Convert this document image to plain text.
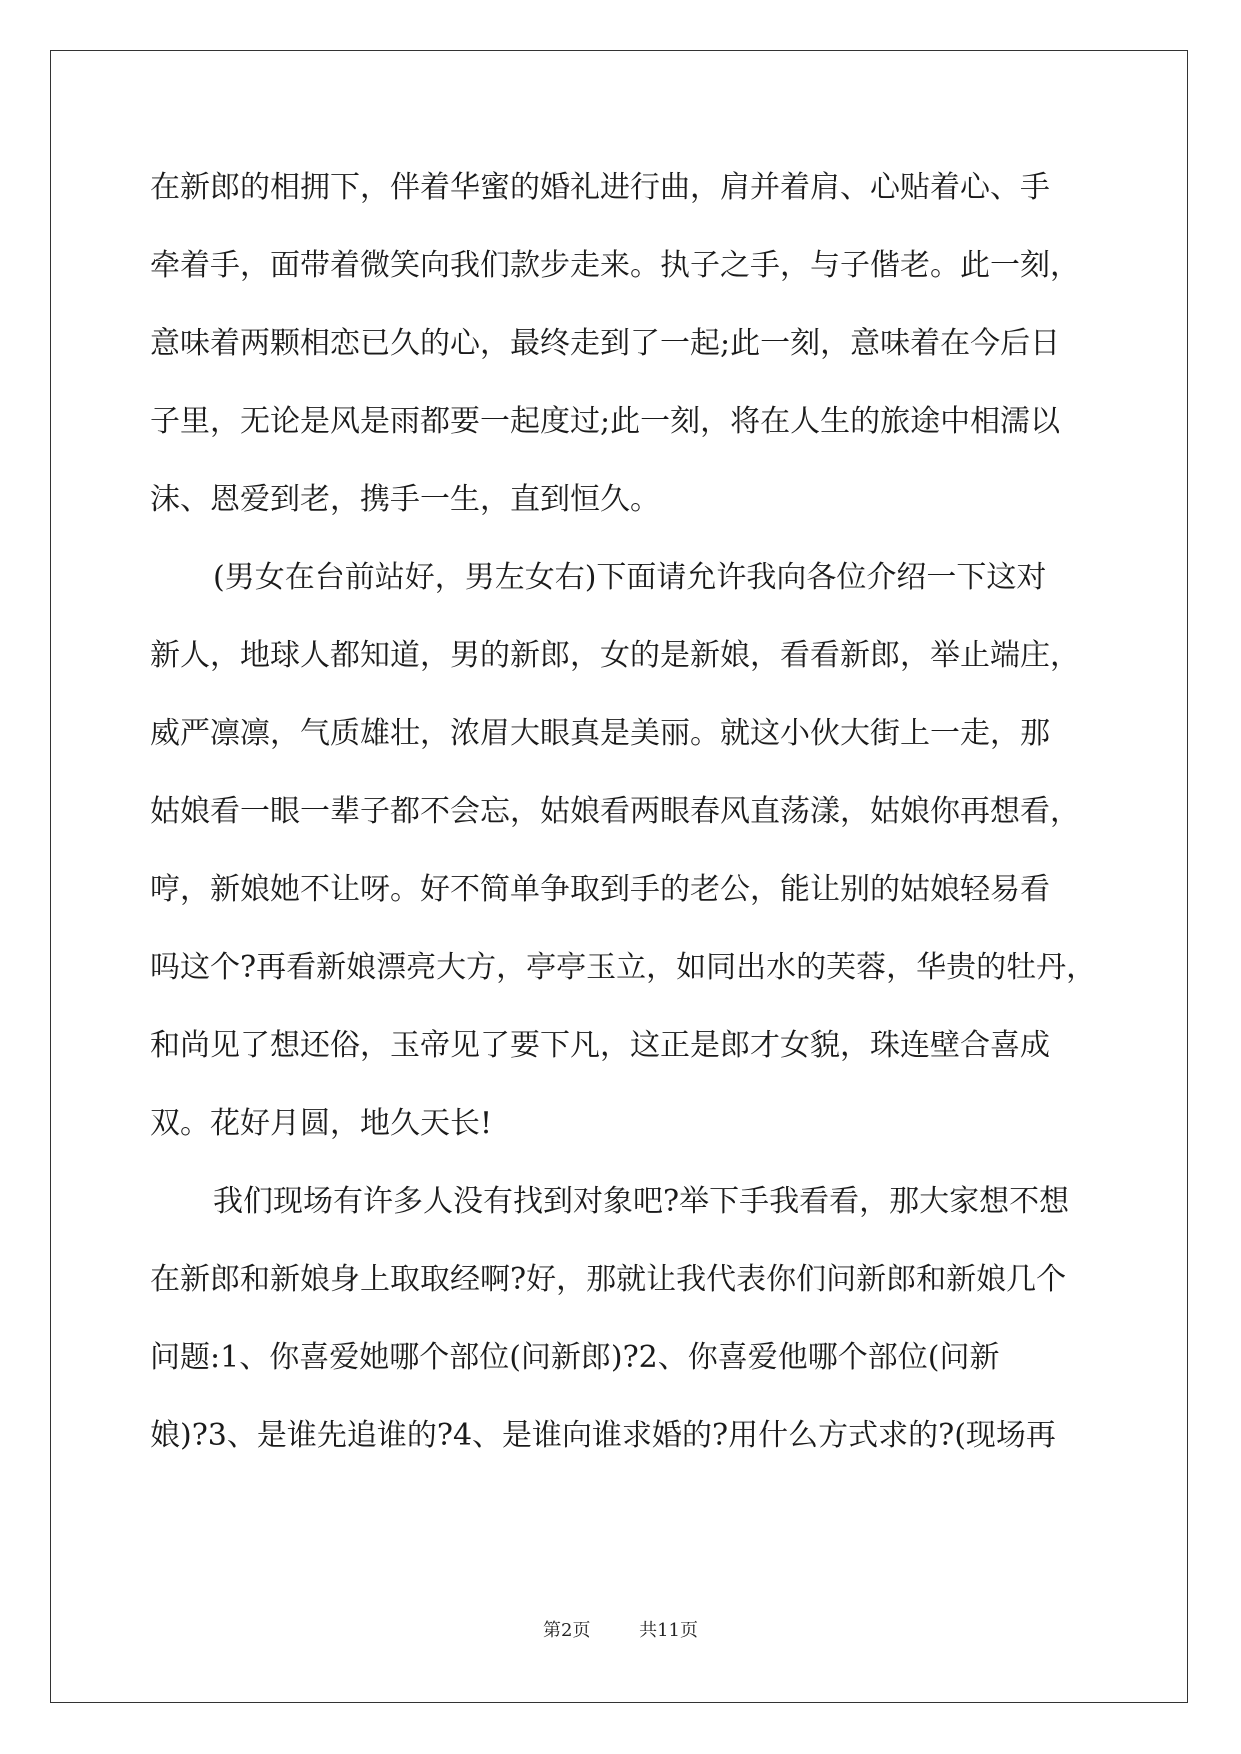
在新郎的相拥下，伴着华蜜的婚礼进行曲，肩并着肩、心贴着心、手
牵着手，面带着微笑向我们款步走来。执子之手，与子偕老。此一刻，
意味着两颗相恋已久的心，最终走到了一起;此一刻，意味着在今后日
子里，无论是风是雨都要一起度过;此一刻，将在人生的旅途中相濡以
沫、恩爱到老，携手一生，直到恒久。
(男女在台前站好，男左女右)下面请允许我向各位介绍一下这对
新人，地球人都知道，男的新郎，女的是新娘，看看新郎，举止端庄，
威严凛凛，气质雄壮，浓眉大眼真是美丽。就这小伙大街上一走，那
姑娘看一眼一辈子都不会忘，姑娘看两眼春风直荡漾，姑娘你再想看，
哼，新娘她不让呀。好不简单争取到手的老公，能让别的姑娘轻易看
吗这个?再看新娘漂亮大方，亭亭玉立，如同出水的芙蓉，华贵的牡丹，
和尚见了想还俗，玉帝见了要下凡，这正是郎才女貌，珠连壁合喜成
双。花好月圆，地久天长!
我们现场有许多人没有找到对象吧?举下手我看看，那大家想不想
在新郎和新娘身上取取经啊?好，那就让我代表你们问新郎和新娘几个
问题:1、你喜爱她哪个部位(问新郎)?2、你喜爱他哪个部位(问新
娘)?3、是谁先追谁的?4、是谁向谁求婚的?用什么方式求的?(现场再
第2页	共11页
